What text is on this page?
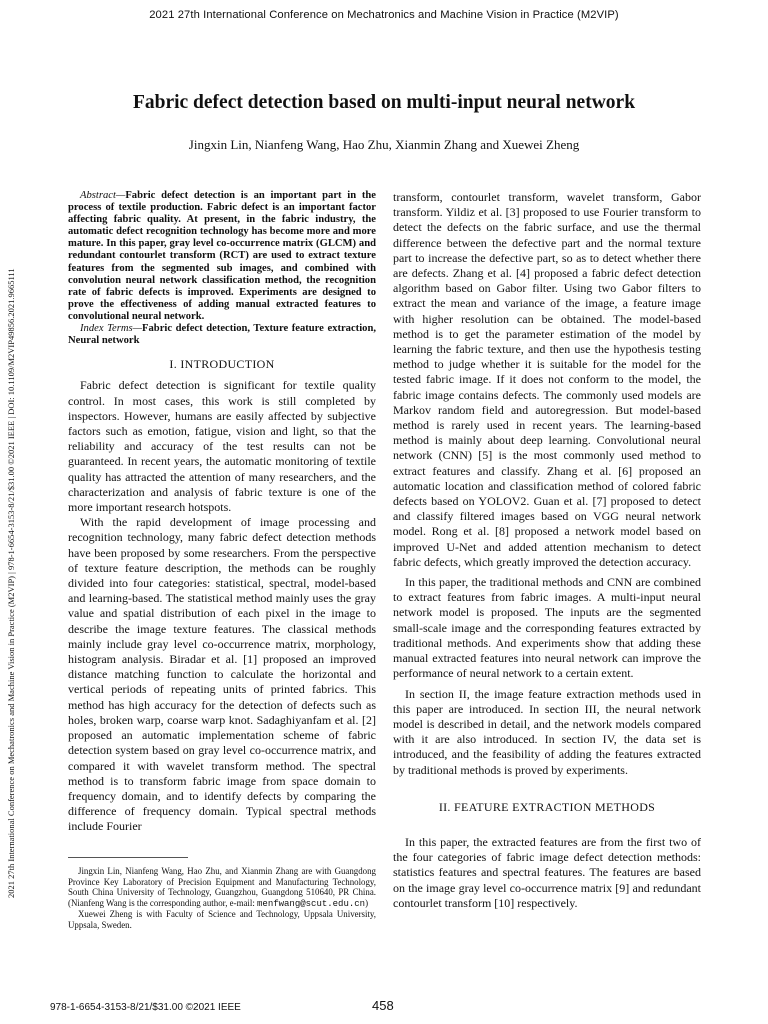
2021 27th International Conference on Mechatronics and Machine Vision in Practice (M2VIP)
2021 27th International Conference on Mechatronics and Machine Vision in Practice (M2VIP) | 978-1-6654-3153-8/21/$31.00 ©2021 IEEE | DOI: 10.1109/M2VIP49856.2021.9665111
Fabric defect detection based on multi-input neural network
Jingxin Lin, Nianfeng Wang, Hao Zhu, Xianmin Zhang and Xuewei Zheng

Abstract—Fabric defect detection is an important part in the process of textile production. Fabric defect is an important factor affecting fabric quality. At present, in the fabric industry, the automatic defect recognition technology has become more and more mature. In this paper, gray level co-occurrence matrix (GLCM) and redundant contourlet transform (RCT) are used to extract texture features from the segmented sub images, and combined with convolution neural network classification method, the recognition rate of fabric defects is improved. Experiments are designed to prove the effectiveness of adding manual extracted features to convolutional neural network.

Index Terms—Fabric defect detection, Texture feature extraction, Neural network

I. INTRODUCTION

Fabric defect detection is significant for textile quality control. In most cases, this work is still completed by inspectors. However, humans are easily affected by subjective factors such as emotion, fatigue, vision and light, so that the reliability and accuracy of the test results can not be guaranteed. In recent years, the automatic monitoring of textile quality has attracted the attention of many researchers, and the characterization and analysis of fabric texture is one of the more important research hotspots.

With the rapid development of image processing and recognition technology, many fabric defect detection methods have been proposed by some researchers. From the perspective of texture feature description, the methods can be roughly divided into four categories: statistical, spectral, model-based and learning-based. The statistical method mainly uses the gray value and spatial distribution of each pixel in the image to describe the image texture features. The classical methods mainly include gray level co-occurrence matrix, morphology, histogram analysis. Biradar et al. [1] proposed an improved distance matching function to calculate the horizontal and vertical periods of repeating units of printed fabrics. This method has high accuracy for the detection of defects such as holes, broken warp, coarse warp knot. Sadaghiyanfam et al. [2] proposed an automatic implementation scheme of fabric detection system based on gray level co-occurrence matrix, and compared it with wavelet transform method. The spectral method is to transform fabric image from space domain to frequency domain, and to identify defects by comparing the difference of frequency domain. Typical spectral methods include Fourier

transform, contourlet transform, wavelet transform, Gabor transform. Yildiz et al. [3] proposed to use Fourier transform to detect the defects on the fabric surface, and use the thermal difference between the defective part and the normal texture part to increase the defective part, so as to detect whether there are defects. Zhang et al. [4] proposed a fabric defect detection algorithm based on Gabor filter. Using two Gabor filters to extract the mean and variance of the image, a feature image with higher resolution can be obtained. The model-based method is to get the parameter estimation of the model by learning the fabric texture, and then use the hypothesis testing method to judge whether it is suitable for the model for the tested fabric image. If it does not conform to the model, the fabric image contains defects. The commonly used models are Markov random field and autoregression. But model-based method is rarely used in recent years. The learning-based method is mainly about deep learning. Convolutional neural network (CNN) [5] is the most commonly used method to extract features and classify. Zhang et al. [6] proposed an automatic location and classification method of colored fabric defects based on YOLOV2. Guan et al. [7] proposed to detect and classify filtered images based on VGG neural network model. Rong et al. [8] proposed a network model based on improved U-Net and added attention mechanism to detect fabric defects, which greatly improved the detection accuracy.

In this paper, the traditional methods and CNN are combined to extract features from fabric images. A multi-input neural network model is proposed. The inputs are the segmented small-scale image and the corresponding features extracted by traditional methods. And experiments show that adding these manual extracted features into neural network can improve the performance of neural network to a certain extent.

In section II, the image feature extraction methods used in this paper are introduced. In section III, the neural network model is described in detail, and the network models compared with it are also introduced. In section IV, the data set is introduced, and the feasibility of adding the features extracted by traditional methods is proved by experiments.

II. FEATURE EXTRACTION METHODS

In this paper, the extracted features are from the first two of the four categories of fabric image defect detection methods: statistics features and spectral features. The features are based on the image gray level co-occurrence matrix [9] and redundant contourlet transform [10] respectively.

Jingxin Lin, Nianfeng Wang, Hao Zhu, and Xianmin Zhang are with Guangdong Province Key Laboratory of Precision Equipment and Manufacturing Technology, South China University of Technology, Guangzhou, Guangdong 510640, PR China. (Nianfeng Wang is the corresponding author, e-mail: menfwang@scut.edu.cn)

Xuewei Zheng is with Faculty of Science and Technology, Uppsala University, Uppsala, Sweden.

978-1-6654-3153-8/21/$31.00 ©2021 IEEE	458
